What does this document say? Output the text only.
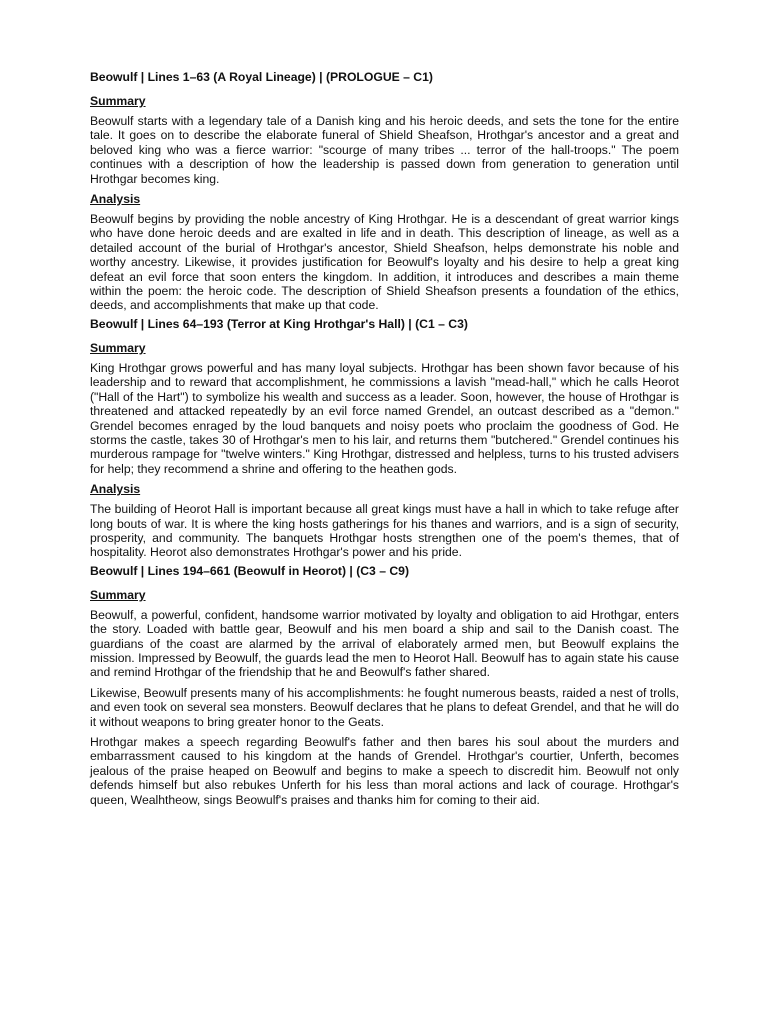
Beowulf | Lines 1–63 (A Royal Lineage) | (PROLOGUE – C1)
Summary

Beowulf starts with a legendary tale of a Danish king and his heroic deeds, and sets the tone for the entire tale. It goes on to describe the elaborate funeral of Shield Sheafson, Hrothgar's ancestor and a great and beloved king who was a fierce warrior: "scourge of many tribes ... terror of the hall-troops." The poem continues with a description of how the leadership is passed down from generation to generation until Hrothgar becomes king.

Analysis

Beowulf begins by providing the noble ancestry of King Hrothgar. He is a descendant of great warrior kings who have done heroic deeds and are exalted in life and in death. This description of lineage, as well as a detailed account of the burial of Hrothgar's ancestor, Shield Sheafson, helps demonstrate his noble and worthy ancestry. Likewise, it provides justification for Beowulf's loyalty and his desire to help a great king defeat an evil force that soon enters the kingdom. In addition, it introduces and describes a main theme within the poem: the heroic code. The description of Shield Sheafson presents a foundation of the ethics, deeds, and accomplishments that make up that code.

Beowulf | Lines 64–193 (Terror at King Hrothgar's Hall) | (C1 – C3)
Summary

King Hrothgar grows powerful and has many loyal subjects. Hrothgar has been shown favor because of his leadership and to reward that accomplishment, he commissions a lavish "mead-hall," which he calls Heorot ("Hall of the Hart") to symbolize his wealth and success as a leader. Soon, however, the house of Hrothgar is threatened and attacked repeatedly by an evil force named Grendel, an outcast described as a "demon." Grendel becomes enraged by the loud banquets and noisy poets who proclaim the goodness of God. He storms the castle, takes 30 of Hrothgar's men to his lair, and returns them "butchered." Grendel continues his murderous rampage for "twelve winters." King Hrothgar, distressed and helpless, turns to his trusted advisers for help; they recommend a shrine and offering to the heathen gods.

Analysis

The building of Heorot Hall is important because all great kings must have a hall in which to take refuge after long bouts of war. It is where the king hosts gatherings for his thanes and warriors, and is a sign of security, prosperity, and community. The banquets Hrothgar hosts strengthen one of the poem's themes, that of hospitality. Heorot also demonstrates Hrothgar's power and his pride.

Beowulf | Lines 194–661 (Beowulf in Heorot) | (C3 – C9)
Summary

Beowulf, a powerful, confident, handsome warrior motivated by loyalty and obligation to aid Hrothgar, enters the story. Loaded with battle gear, Beowulf and his men board a ship and sail to the Danish coast. The guardians of the coast are alarmed by the arrival of elaborately armed men, but Beowulf explains the mission. Impressed by Beowulf, the guards lead the men to Heorot Hall. Beowulf has to again state his cause and remind Hrothgar of the friendship that he and Beowulf's father shared.

Likewise, Beowulf presents many of his accomplishments: he fought numerous beasts, raided a nest of trolls, and even took on several sea monsters. Beowulf declares that he plans to defeat Grendel, and that he will do it without weapons to bring greater honor to the Geats.

Hrothgar makes a speech regarding Beowulf's father and then bares his soul about the murders and embarrassment caused to his kingdom at the hands of Grendel. Hrothgar's courtier, Unferth, becomes jealous of the praise heaped on Beowulf and begins to make a speech to discredit him. Beowulf not only defends himself but also rebukes Unferth for his less than moral actions and lack of courage. Hrothgar's queen, Wealhtheow, sings Beowulf's praises and thanks him for coming to their aid.
